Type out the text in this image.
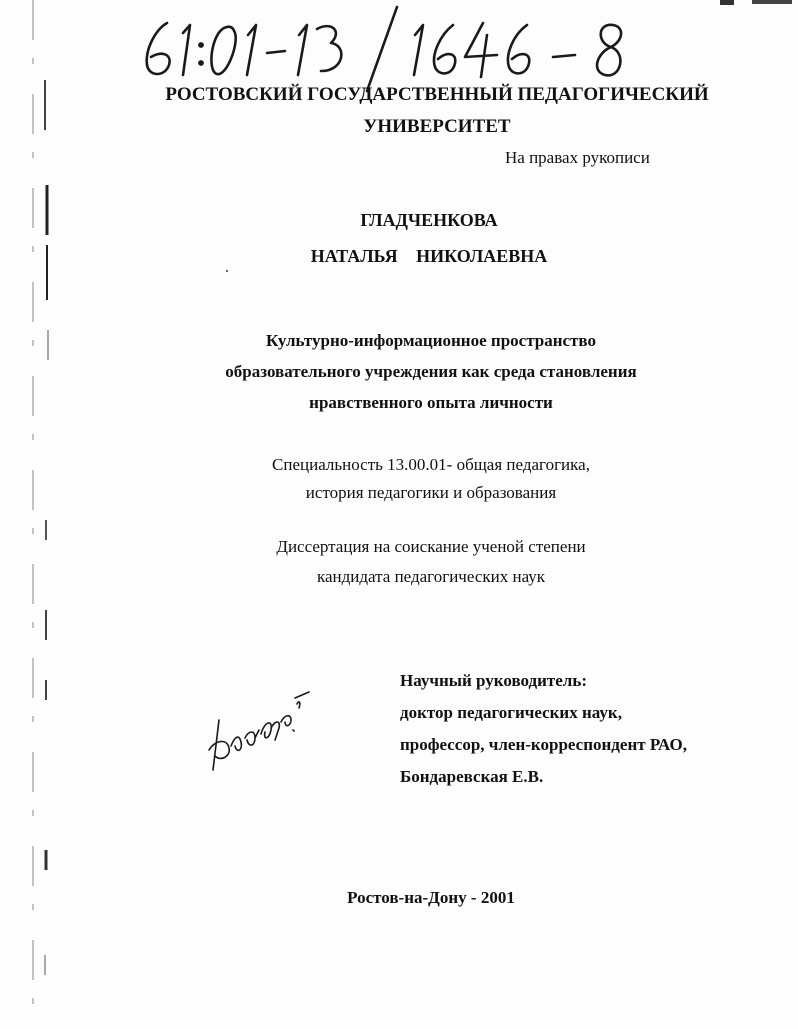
РОСТОВСКИЙ ГОСУДАРСТВЕННЫЙ ПЕДАГОГИЧЕСКИЙ
УНИВЕРСИТЕТ
На правах рукописи
ГЛАДЧЕНКОВА
НАТАЛЬЯ НИКОЛАЕВНА
Культурно-информационное пространство
образовательного учреждения как среда становления
нравственного опыта личности
Специальность 13.00.01- общая педагогика,
история педагогики и образования
Диссертация на соискание ученой степени
кандидата педагогических наук
Научный руководитель:
доктор педагогических наук,
профессор, член-корреспондент РАО,
Бондаревская Е.В.
Ростов-на-Дону - 2001
